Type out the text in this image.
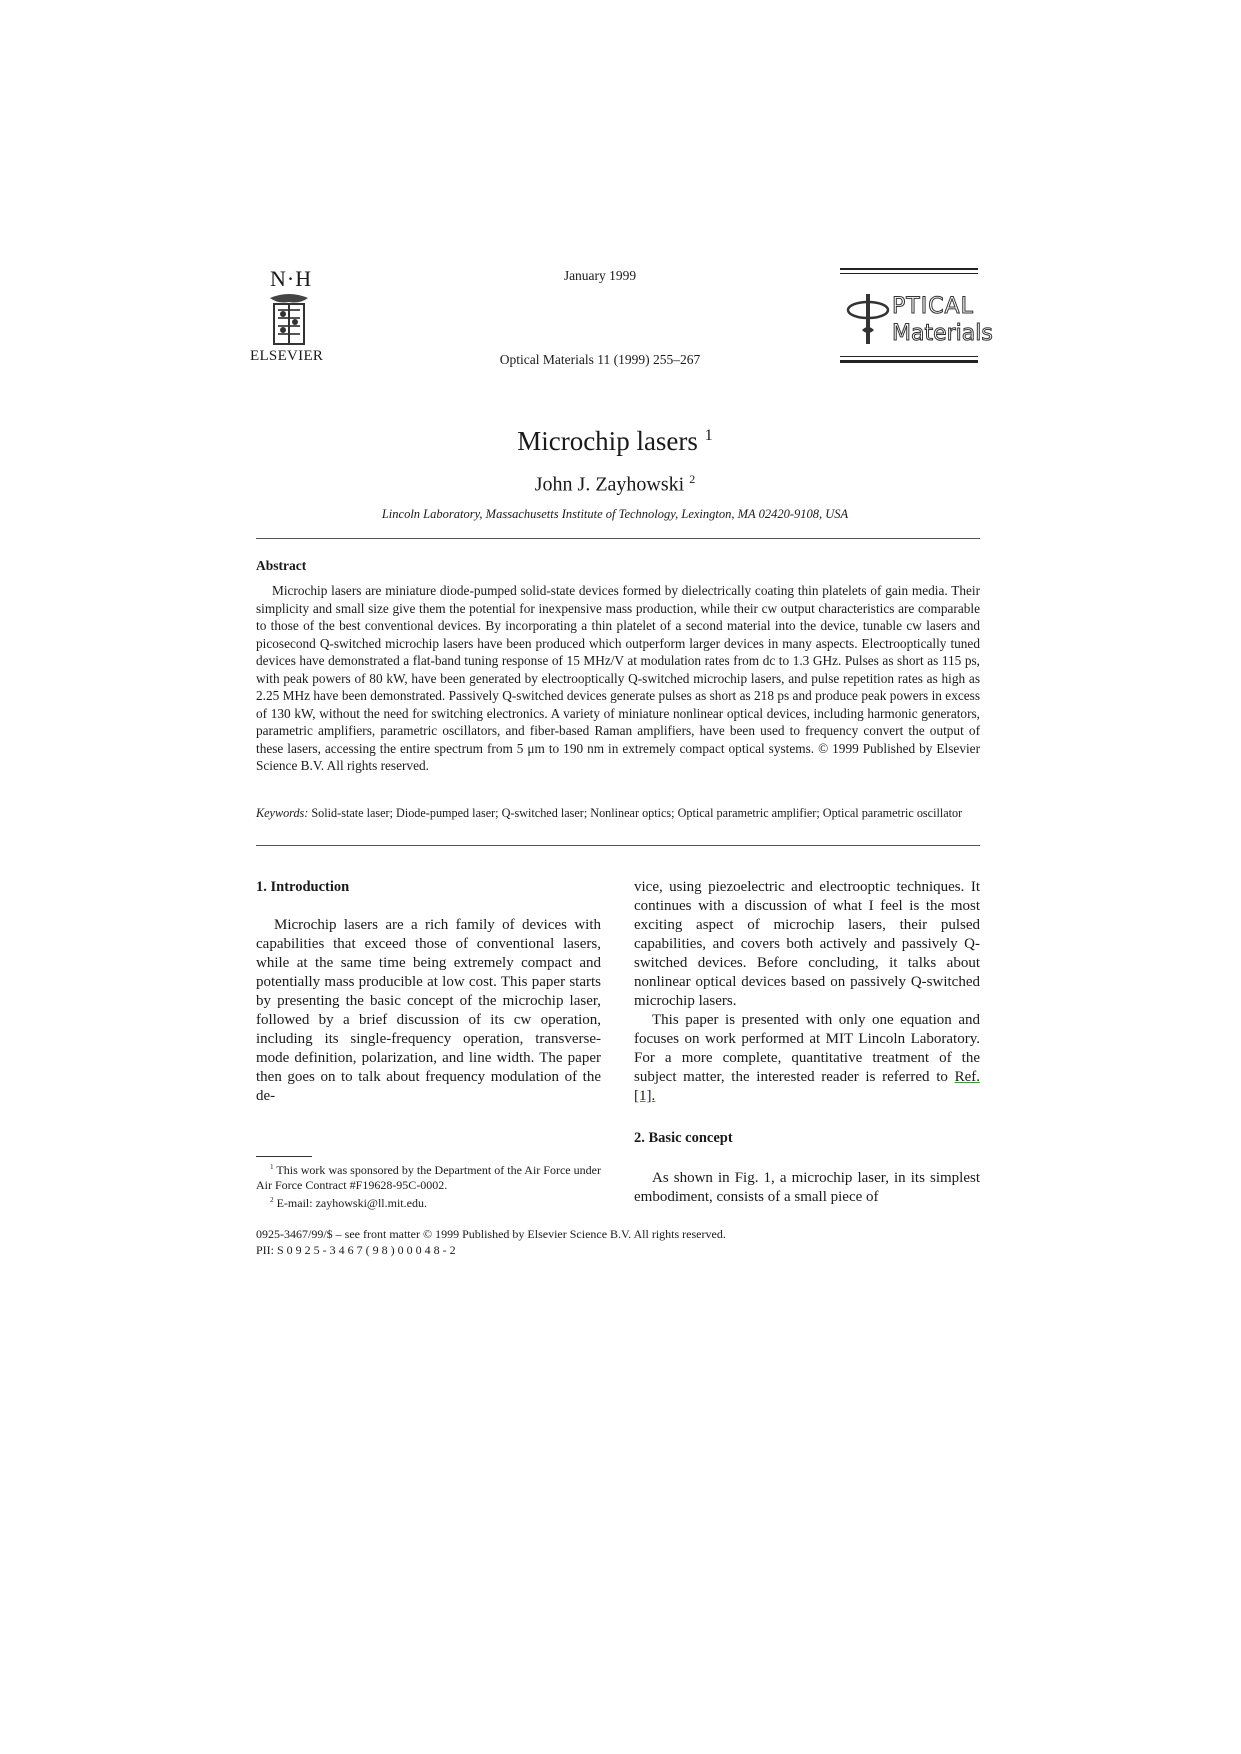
N·H
ELSEVIER
January 1999
Optical Materials 11 (1999) 255–267
PTICAL
Materials
Microchip lasers $^1$
John J. Zayhowski $^2$
Lincoln Laboratory, Massachusetts Institute of Technology, Lexington, MA 02420-9108, USA
Abstract
Microchip lasers are miniature diode-pumped solid-state devices formed by dielectrically coating thin platelets of gain media. Their simplicity and small size give them the potential for inexpensive mass production, while their cw output characteristics are comparable to those of the best conventional devices. By incorporating a thin platelet of a second material into the device, tunable cw lasers and picosecond Q-switched microchip lasers have been produced which outperform larger devices in many aspects. Electrooptically tuned devices have demonstrated a flat-band tuning response of 15 MHz/V at modulation rates from dc to 1.3 GHz. Pulses as short as 115 ps, with peak powers of 80 kW, have been generated by electrooptically Q-switched microchip lasers, and pulse repetition rates as high as 2.25 MHz have been demonstrated. Passively Q-switched devices generate pulses as short as 218 ps and produce peak powers in excess of 130 kW, without the need for switching electronics. A variety of miniature nonlinear optical devices, including harmonic generators, parametric amplifiers, parametric oscillators, and fiber-based Raman amplifiers, have been used to frequency convert the output of these lasers, accessing the entire spectrum from 5 μm to 190 nm in extremely compact optical systems. © 1999 Published by Elsevier Science B.V. All rights reserved.
Keywords: Solid-state laser; Diode-pumped laser; Q-switched laser; Nonlinear optics; Optical parametric amplifier; Optical parametric oscillator
1. Introduction

Microchip lasers are a rich family of devices with capabilities that exceed those of conventional lasers, while at the same time being extremely compact and potentially mass producible at low cost. This paper starts by presenting the basic concept of the microchip laser, followed by a brief discussion of its cw operation, including its single-frequency operation, transverse-mode definition, polarization, and line width. The paper then goes on to talk about frequency modulation of the de-

vice, using piezoelectric and electrooptic techniques. It continues with a discussion of what I feel is the most exciting aspect of microchip lasers, their pulsed capabilities, and covers both actively and passively Q-switched devices. Before concluding, it talks about nonlinear optical devices based on passively Q-switched microchip lasers.

This paper is presented with only one equation and focuses on work performed at MIT Lincoln Laboratory. For a more complete, quantitative treatment of the subject matter, the interested reader is referred to Ref. [1].

2. Basic concept

As shown in Fig. 1, a microchip laser, in its simplest embodiment, consists of a small piece of

$^1$ This work was sponsored by the Department of the Air Force under Air Force Contract #F19628-95C-0002.

$^2$ E-mail: zayhowski@ll.mit.edu.

0925-3467/99/$ – see front matter © 1999 Published by Elsevier Science B.V. All rights reserved.
PII: S 0 9 2 5 - 3 4 6 7 ( 9 8 ) 0 0 0 4 8 - 2
